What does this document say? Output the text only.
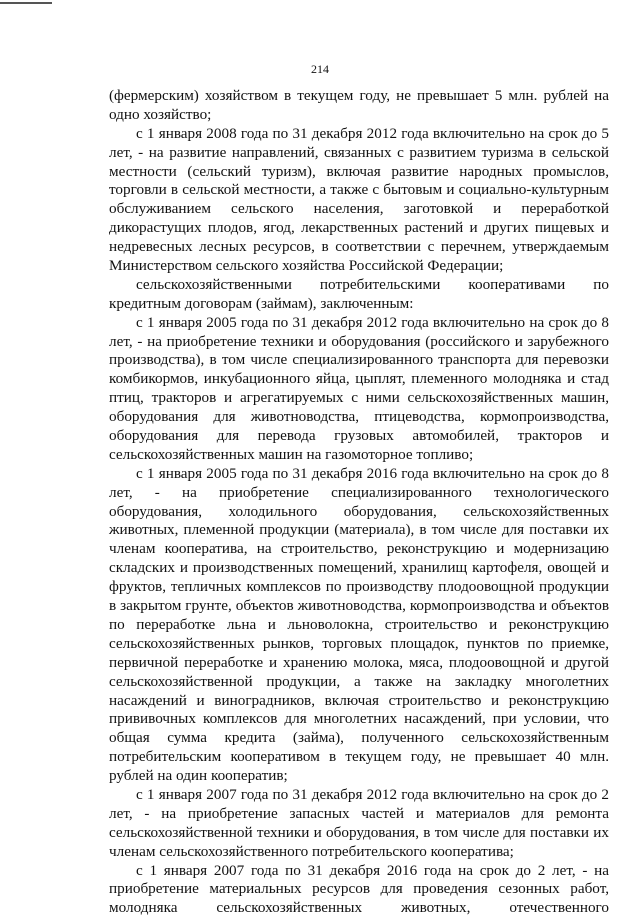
214
(фермерским) хозяйством в текущем году, не превышает 5 млн. рублей на
одно хозяйство;
с 1 января 2008 года по 31 декабря 2012 года включительно на срок до 5
лет, - на развитие направлений, связанных с развитием туризма в сельской
местности (сельский туризм), включая развитие народных промыслов,
торговли в сельской местности, а также с бытовым и социально-культурным
обслуживанием сельского населения, заготовкой и переработкой
дикорастущих плодов, ягод, лекарственных растений и других пищевых и
недревесных лесных ресурсов, в соответствии с перечнем, утверждаемым
Министерством сельского хозяйства Российской Федерации;
сельскохозяйственными потребительскими кооперативами по
кредитным договорам (займам), заключенным:
с 1 января 2005 года по 31 декабря 2012 года включительно на срок до 8
лет, - на приобретение техники и оборудования (российского и зарубежного
производства), в том числе специализированного транспорта для перевозки
комбикормов, инкубационного яйца, цыплят, племенного молодняка и стад
птиц, тракторов и агрегатируемых с ними сельскохозяйственных машин,
оборудования для животноводства, птицеводства, кормопроизводства,
оборудования для перевода грузовых автомобилей, тракторов и
сельскохозяйственных машин на газомоторное топливо;
с 1 января 2005 года по 31 декабря 2016 года включительно на срок до 8
лет, - на приобретение специализированного технологического
оборудования, холодильного оборудования, сельскохозяйственных
животных, племенной продукции (материала), в том числе для поставки их
членам кооператива, на строительство, реконструкцию и модернизацию
складских и производственных помещений, хранилищ картофеля, овощей и
фруктов, тепличных комплексов по производству плодоовощной продукции
в закрытом грунте, объектов животноводства, кормопроизводства и объектов
по переработке льна и льноволокна, строительство и реконструкцию
сельскохозяйственных рынков, торговых площадок, пунктов по приемке,
первичной переработке и хранению молока, мяса, плодоовощной и другой
сельскохозяйственной продукции, а также на закладку многолетних
насаждений и виноградников, включая строительство и реконструкцию
прививочных комплексов для многолетних насаждений, при условии, что
общая сумма кредита (займа), полученного сельскохозяйственным
потребительским кооперативом в текущем году, не превышает 40 млн.
рублей на один кооператив;
с 1 января 2007 года по 31 декабря 2012 года включительно на срок до 2
лет, - на приобретение запасных частей и материалов для ремонта
сельскохозяйственной техники и оборудования, в том числе для поставки их
членам сельскохозяйственного потребительского кооператива;
с 1 января 2007 года по 31 декабря 2016 года на срок до 2 лет, - на
приобретение материальных ресурсов для проведения сезонных работ,
молодняка сельскохозяйственных животных, отечественного
